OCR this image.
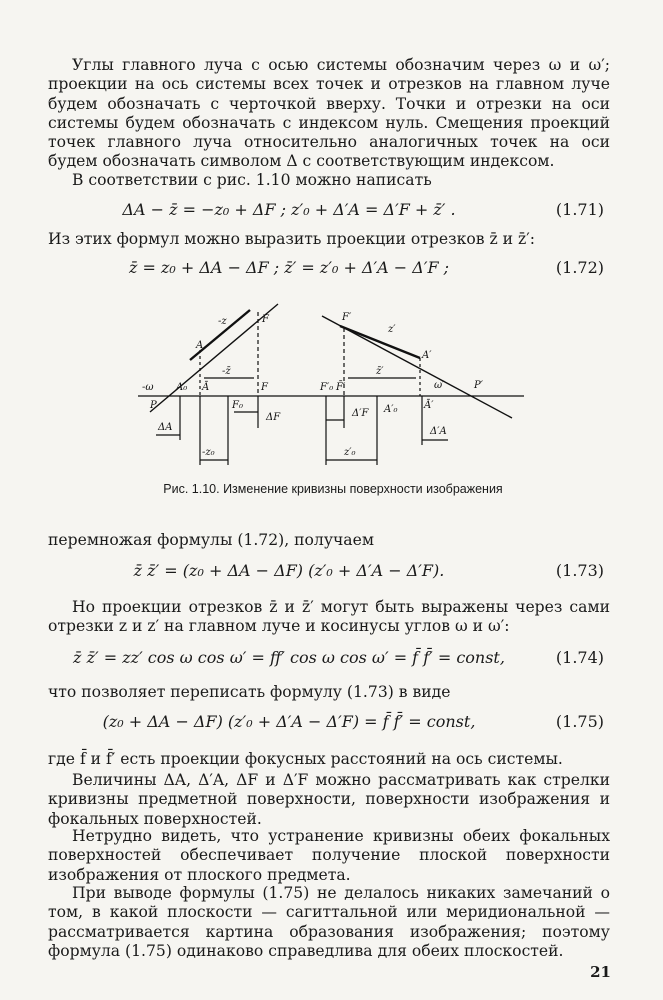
Углы главного луча с осью системы обозначим через ω и ω′; проекции на ось системы всех точек и отрезков на главном луче будем обозначать с черточкой вверху. Точки и отрезки на оси системы будем обозначать с индексом нуль. Смещения проекций точек главного луча относительно аналогичных точек на оси будем обозначать символом Δ с соответствующим индексом.

В соответствии с рис. 1.10 можно написать

ΔA − z̄ = −z₀ + ΔF ; z′₀ + Δ′A = Δ′F + z̄′ .	(1.71)

Из этих формул можно выразить проекции отрезков z̄ и z̄′:

z̄ = z₀ + ΔA − ΔF ; z̄′ = z′₀ + Δ′A − Δ′F ;	(1.72)
-z	F
A
-z̄
F
-ω A₀ Ā
P	F₀
ΔF
ΔA
-z₀
F′
z′
A′
z̄′
F′₀ F̄′	ω′	P′
Δ′F A′₀	Ā′
Δ′A
z′₀
Рис. 1.10. Изменение кривизны поверхности изображения

перемножая формулы (1.72), получаем

z̄ z̄′ = (z₀ + ΔA − ΔF) (z′₀ + Δ′A − Δ′F).	(1.73)

Но проекции отрезков z̄ и z̄′ могут быть выражены через сами отрезки z и z′ на главном луче и косинусы углов ω и ω′:

z̄ z̄′ = zz′ cos ω cos ω′ = ff′ cos ω cos ω′ = f̄ f̄′ = const,	(1.74)

что позволяет переписать формулу (1.73) в виде

(z₀ + ΔA − ΔF) (z′₀ + Δ′A − Δ′F) = f̄ f̄′ = const,	(1.75)

где f̄ и f̄′ есть проекции фокусных расстояний на ось системы.

Величины ΔA, Δ′A, ΔF и Δ′F можно рассматривать как стрелки кривизны предметной поверхности, поверхности изображения и фокальных поверхностей.

Нетрудно видеть, что устранение кривизны обеих фокальных поверхностей обеспечивает получение плоской поверхности изображения от плоского предмета.

При выводе формулы (1.75) не делалось никаких замечаний о том, в какой плоскости — сагиттальной или меридиональной — рассматривается картина образования изображения; поэтому формула (1.75) одинаково справедлива для обеих плоскостей.

21
